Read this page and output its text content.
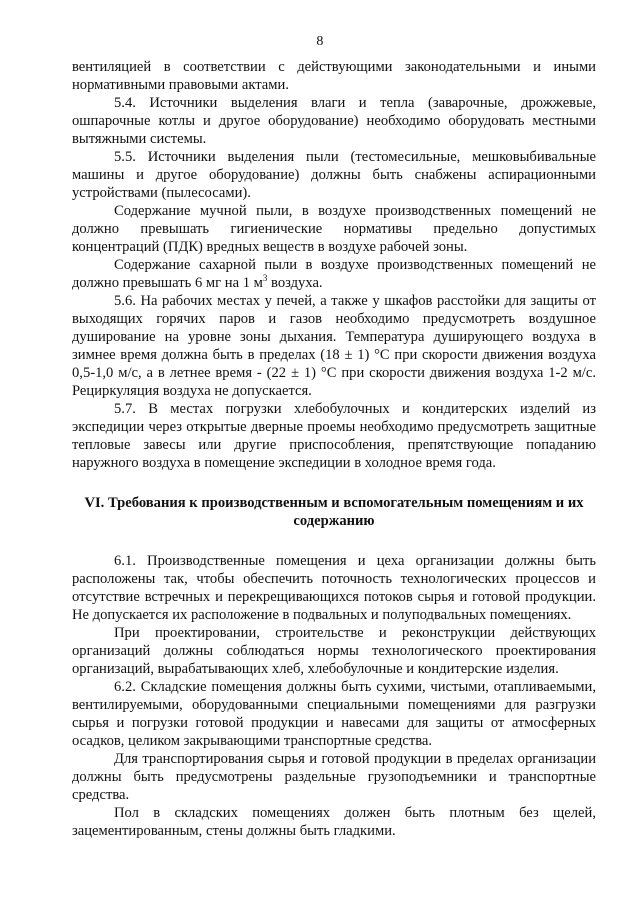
8

вентиляцией в соответствии с действующими законодательными и иными нормативными правовыми актами.

5.4. Источники выделения влаги и тепла (заварочные, дрожжевые, ошпарочные котлы и другое оборудование) необходимо оборудовать местными вытяжными системы.

5.5. Источники выделения пыли (тестомесильные, мешковыбивальные машины и другое оборудование) должны быть снабжены аспирационными устройствами (пылесосами).

Содержание мучной пыли, в воздухе производственных помещений не должно превышать гигиенические нормативы предельно допустимых концентраций (ПДК) вредных веществ в воздухе рабочей зоны.

Содержание сахарной пыли в воздухе производственных помещений не должно превышать 6 мг на 1 $м^3$ воздуха.

5.6. На рабочих местах у печей, а также у шкафов расстойки для защиты от выходящих горячих паров и газов необходимо предусмотреть воздушное душирование на уровне зоны дыхания. Температура душирующего воздуха в зимнее время должна быть в пределах (18 ± 1) °С при скорости движения воздуха 0,5-1,0 м/с, а в летнее время - (22 ± 1) °С при скорости движения воздуха 1-2 м/с. Рециркуляция воздуха не допускается.

5.7. В местах погрузки хлебобулочных и кондитерских изделий из экспедиции через открытые дверные проемы необходимо предусмотреть защитные тепловые завесы или другие приспособления, препятствующие попаданию наружного воздуха в помещение экспедиции в холодное время года.

VI. Требования к производственным и вспомогательным помещениям и их содержанию

6.1. Производственные помещения и цеха организации должны быть расположены так, чтобы обеспечить поточность технологических процессов и отсутствие встречных и перекрещивающихся потоков сырья и готовой продукции. Не допускается их расположение в подвальных и полуподвальных помещениях.

При проектировании, строительстве и реконструкции действующих организаций должны соблюдаться нормы технологического проектирования организаций, вырабатывающих хлеб, хлебобулочные и кондитерские изделия.

6.2. Складские помещения должны быть сухими, чистыми, отапливаемыми, вентилируемыми, оборудованными специальными помещениями для разгрузки сырья и погрузки готовой продукции и навесами для защиты от атмосферных осадков, целиком закрывающими транспортные средства.

Для транспортирования сырья и готовой продукции в пределах организации должны быть предусмотрены раздельные грузоподъемники и транспортные средства.

Пол в складских помещениях должен быть плотным без щелей, зацементированным, стены должны быть гладкими.
